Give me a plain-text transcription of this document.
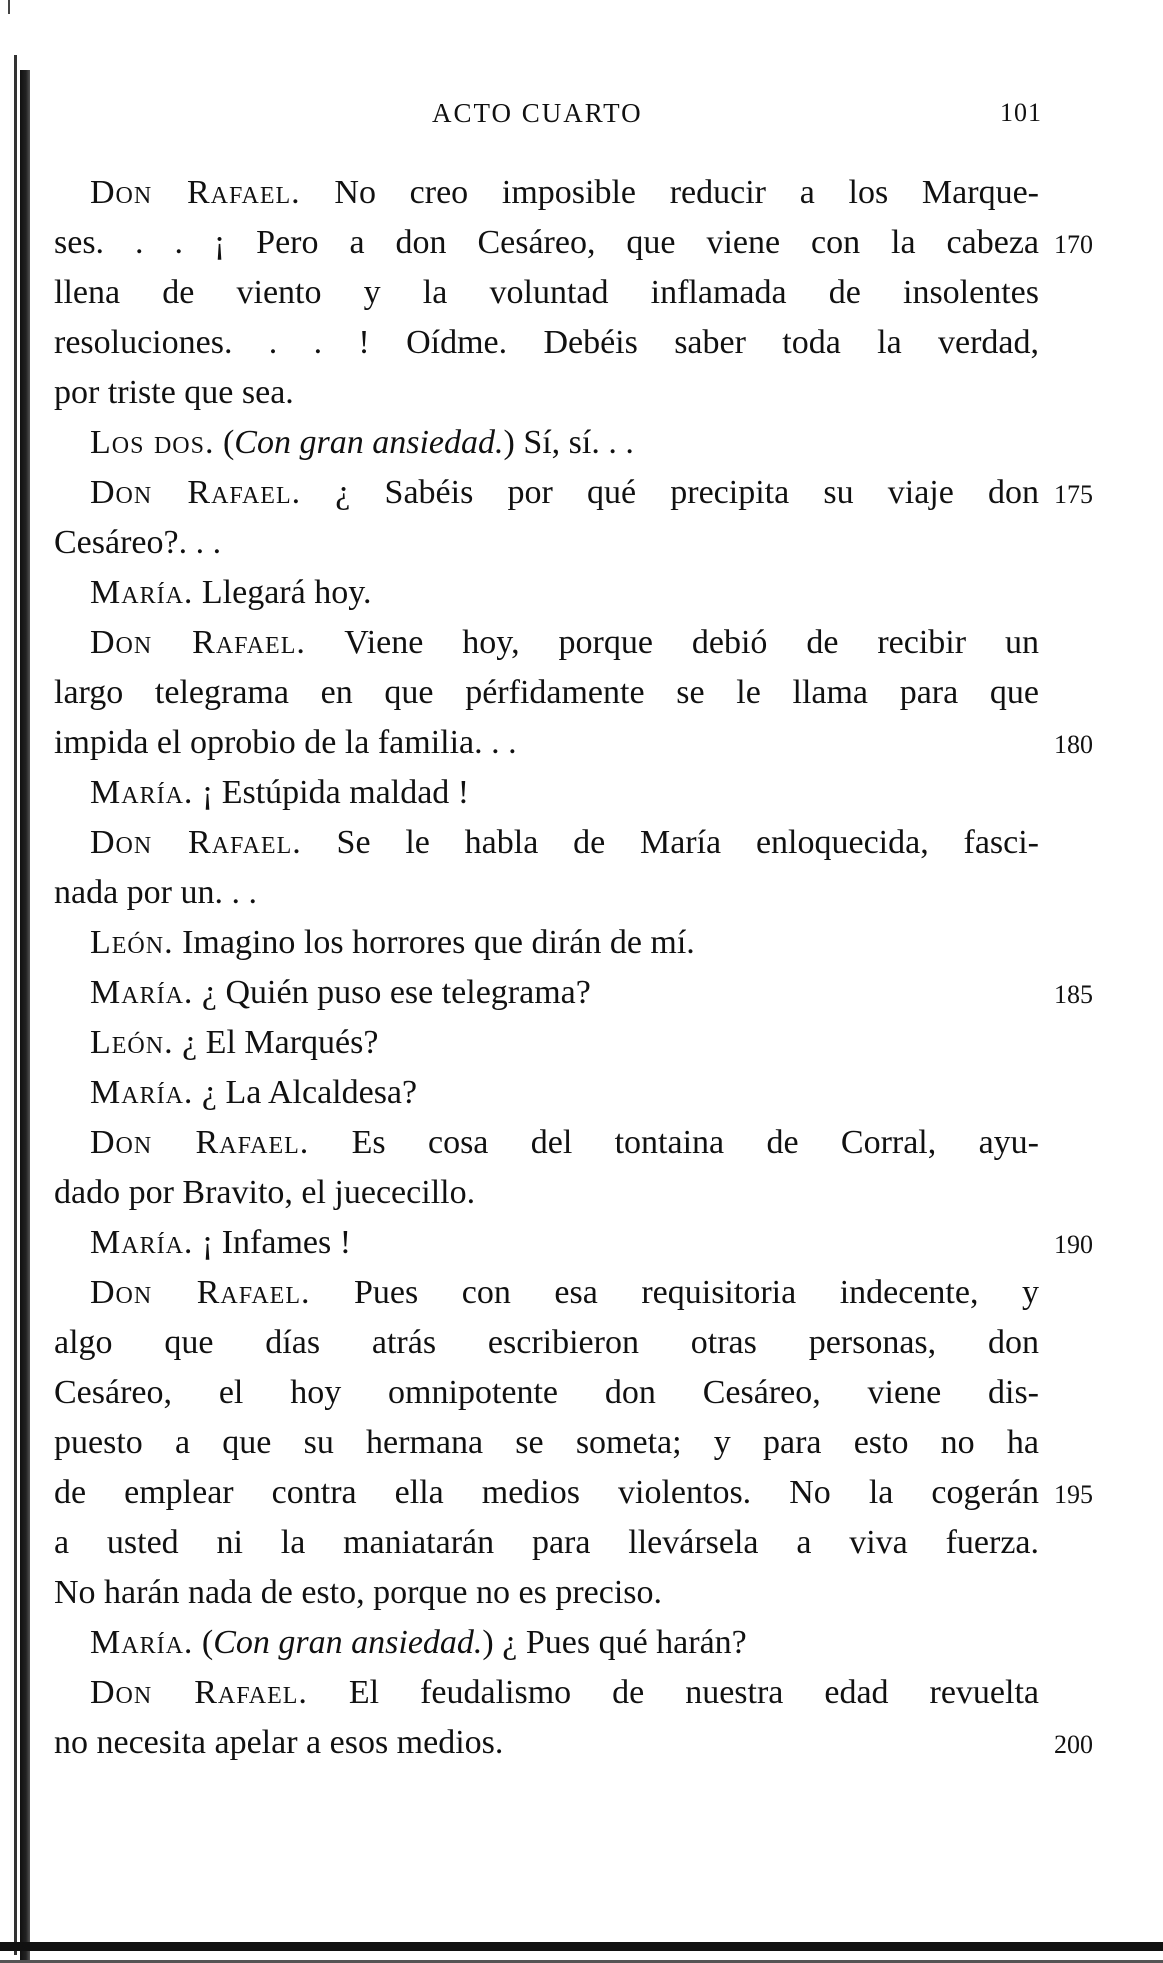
ACTO CUARTO	101
Don Rafael. No creo imposible reducir a los Marque-
ses. . . ¡ Pero a don Cesáreo, que viene con la cabeza 170
llena de viento y la voluntad inflamada de insolentes
resoluciones. . . ! Oídme. Debéis saber toda la verdad,
por triste que sea.
Los dos. (Con gran ansiedad.) Sí, sí. . .
Don Rafael. ¿ Sabéis por qué precipita su viaje don 175
Cesáreo?. . .
María. Llegará hoy.
Don Rafael. Viene hoy, porque debió de recibir un
largo telegrama en que pérfidamente se le llama para que
impida el oprobio de la familia. . .	180
María. ¡ Estúpida maldad !
Don Rafael. Se le habla de María enloquecida, fasci-
nada por un. . .
León. Imagino los horrores que dirán de mí.
María. ¿ Quién puso ese telegrama?	185
León. ¿ El Marqués?
María. ¿ La Alcaldesa?
Don Rafael. Es cosa del tontaina de Corral, ayu-
dado por Bravito, el juececillo.
María. ¡ Infames !	190
Don Rafael. Pues con esa requisitoria indecente, y
algo que días atrás escribieron otras personas, don
Cesáreo, el hoy omnipotente don Cesáreo, viene dis-
puesto a que su hermana se someta; y para esto no ha
de emplear contra ella medios violentos. No la cogerán 195
a usted ni la maniatarán para llevársela a viva fuerza.
No harán nada de esto, porque no es preciso.
María. (Con gran ansiedad.) ¿ Pues qué harán?
Don Rafael. El feudalismo de nuestra edad revuelta
no necesita apelar a esos medios.	200
